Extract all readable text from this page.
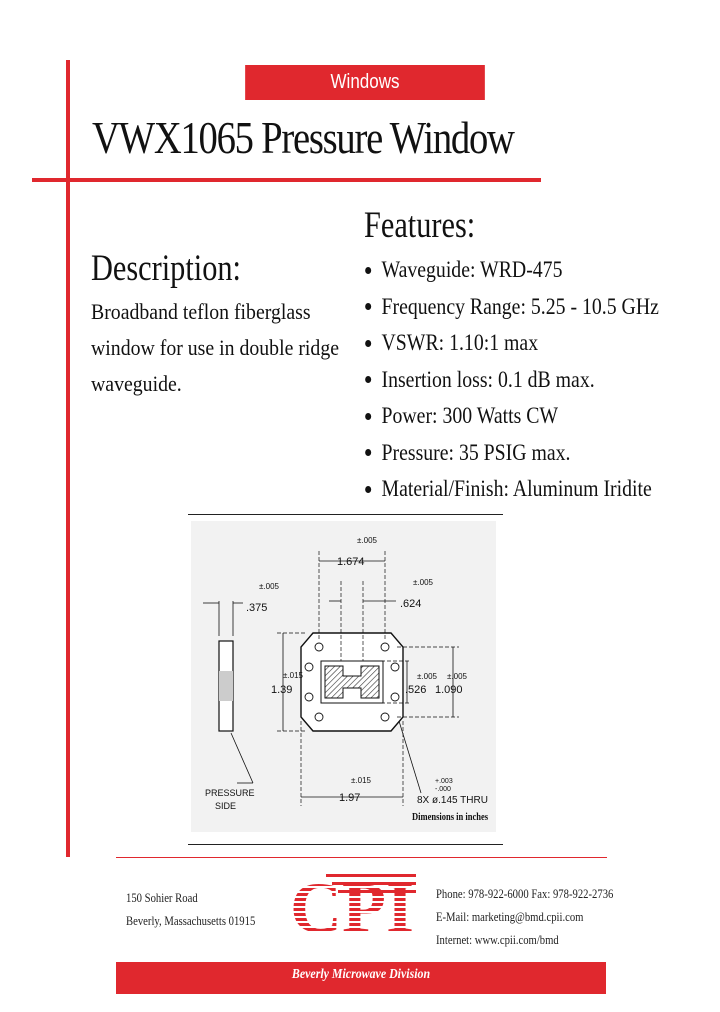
Windows
VWX1065 Pressure Window
Description:
Broadband teflon fiberglass window for use in double ridge waveguide.
Features:
Waveguide: WRD-475
Frequency Range: 5.25 - 10.5 GHz
VSWR: 1.10:1 max
Insertion loss: 0.1 dB max.
Power: 300 Watts CW
Pressure: 35 PSIG max.
Material/Finish: Aluminum Iridite
.375
±.005
PRESSURE
SIDE
1.674
±.005
.624
±.005
1.39
±.015
.526
±.005
1.090
±.005
1.97
±.015
8X ø.145 THRU
+.003
-.000
Dimensions in inches
150 Sohier Road
Beverly, Massachusetts 01915
Phone: 978-922-6000 Fax: 978-922-2736
E-Mail: marketing@bmd.cpii.com
Internet: www.cpii.com/bmd
Beverly Microwave Division
